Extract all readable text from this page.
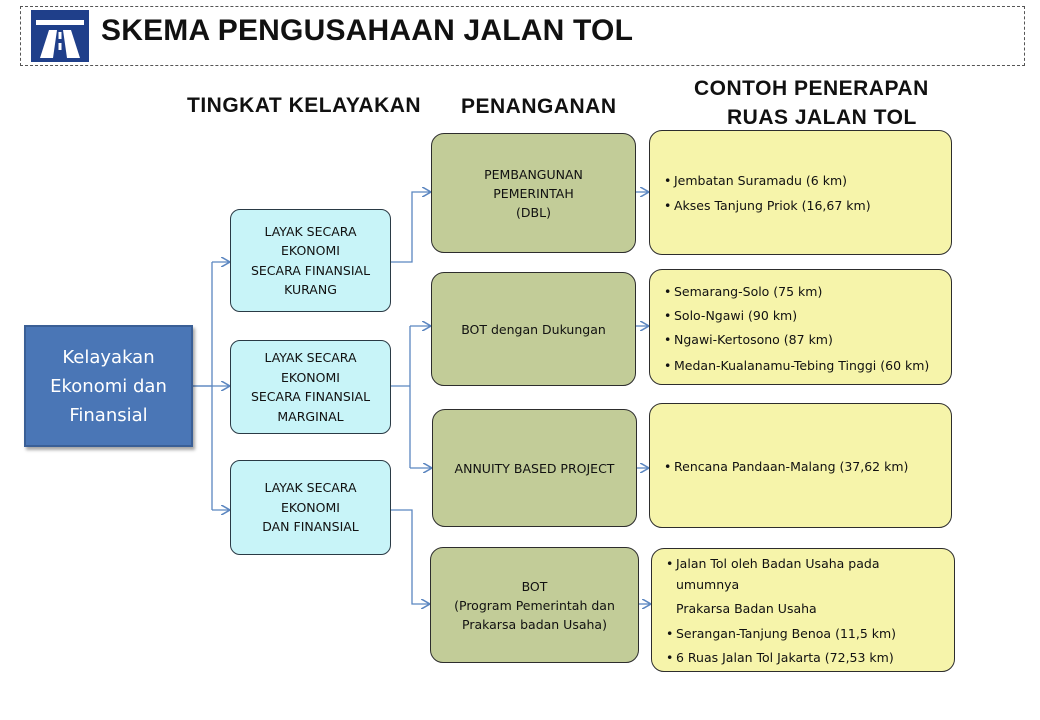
SKEMA PENGUSAHAAN JALAN TOL
TINGKAT KELAYAKAN PENANGANAN
CONTOH PENERAPAN
RUAS JALAN TOL
Kelayakan
Ekonomi dan
Finansial
LAYAK SECARA
EKONOMI
SECARA FINANSIAL
KURANG
LAYAK SECARA
EKONOMI
SECARA FINANSIAL
MARGINAL
LAYAK SECARA
EKONOMI
DAN FINANSIAL
PEMBANGUNAN
PEMERINTAH
(DBL)
BOT dengan Dukungan
ANNUITY BASED PROJECT
BOT
(Program Pemerintah dan
Prakarsa badan Usaha)
• Jembatan Suramadu (6 km)
• Akses Tanjung Priok (16,67 km)
• Semarang-Solo (75 km)
• Solo-Ngawi (90 km)
• Ngawi-Kertosono (87 km)
• Medan-Kualanamu-Tebing Tinggi (60 km)
• Rencana Pandaan-Malang (37,62 km)
• Jalan Tol oleh Badan Usaha pada
umumnya
Prakarsa Badan Usaha
• Serangan-Tanjung Benoa (11,5 km)
• 6 Ruas Jalan Tol Jakarta (72,53 km)
